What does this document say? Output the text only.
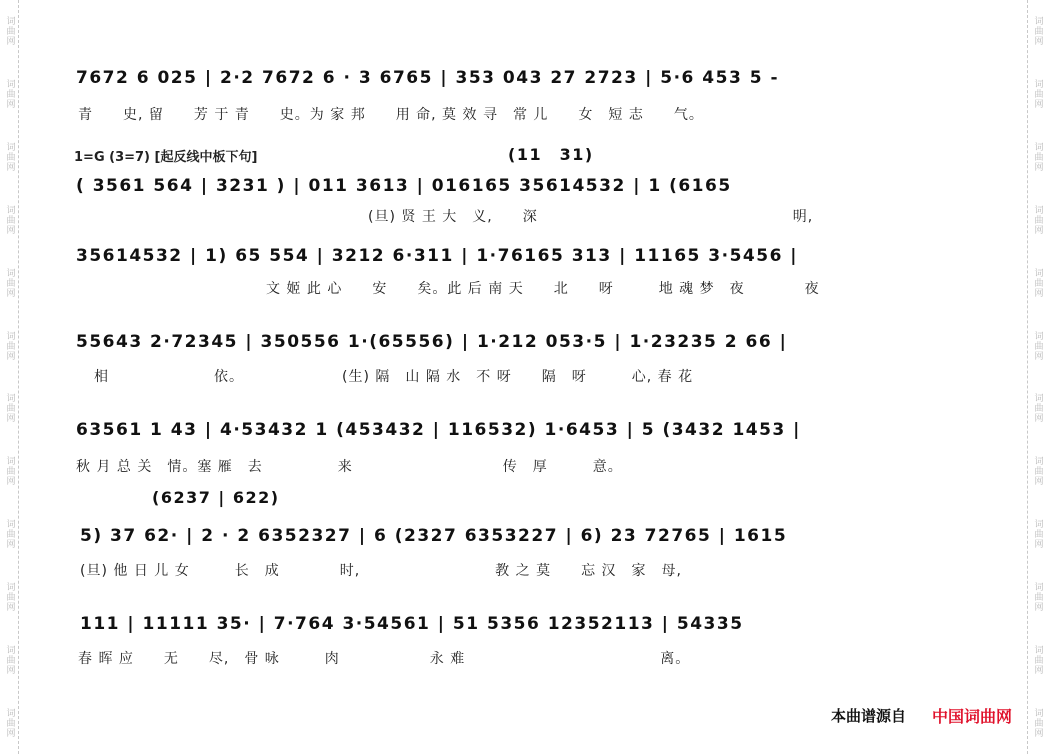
词曲网
词曲网
词曲网
词曲网
词曲网
词曲网
词曲网
词曲网
词曲网
词曲网
词曲网
词曲网
词曲网
词曲网
词曲网
词曲网
词曲网
词曲网
词曲网
词曲网
词曲网
词曲网
词曲网
词曲网
7672 6 025 | 2·2 7672 6 · 3 6765 | 353 043 27 2723 | 5·6 453 5 -
青　　史, 留　　芳 于 青　　史。为 家 邦　　用 命, 莫 效 寻　常 儿　　女　短 志　　气。
1=G (3=7) [起反线中板下句]	(11　31)
( 3561 564 | 3231 ) | 011 3613 | 016165 35614532 | 1 (6165
(旦) 贤 王 大　义,　　深　　　　　　　　　　　　　　　　　明,
35614532 | 1) 65 554 | 3212 6·311 | 1·76165 313 | 11165 3·5456 |
文 姬 此 心　　安　　矣。此 后 南 天　　北　　呀　　　地 魂 梦　夜　　　　夜
55643 2·72345 | 350556 1·(65556) | 1·212 053·5 | 1·23235 2 66 |
相　　　　　　　依。　　　　　　　(生) 隔　山 隔 水　不 呀　　隔　呀　　　心, 春 花
63561 1 43 | 4·53432 1 (453432 | 116532) 1·6453 | 5 (3432 1453 |
秋 月 总 关　情。塞 雁　去　　　　　来　　　　　　　　　　传　厚　　　意。
(6237 | 622)
5) 37 62· | 2 · 2 6352327 | 6 (2327 6353227 | 6) 23 72765 | 1615
(旦) 他 日 儿 女　　　长　成　　　　时,　　　　　　　　　教 之 莫　　忘 汉　家　母,
111 | 11111 35· | 7·764 3·54561 | 51 5356 12352113 | 54335
春 晖 应　　无　　尽,　骨 咏　　　肉　　　　　　永 难　　　　　　　　　　　　　离。
本曲谱源自 中国词曲网
